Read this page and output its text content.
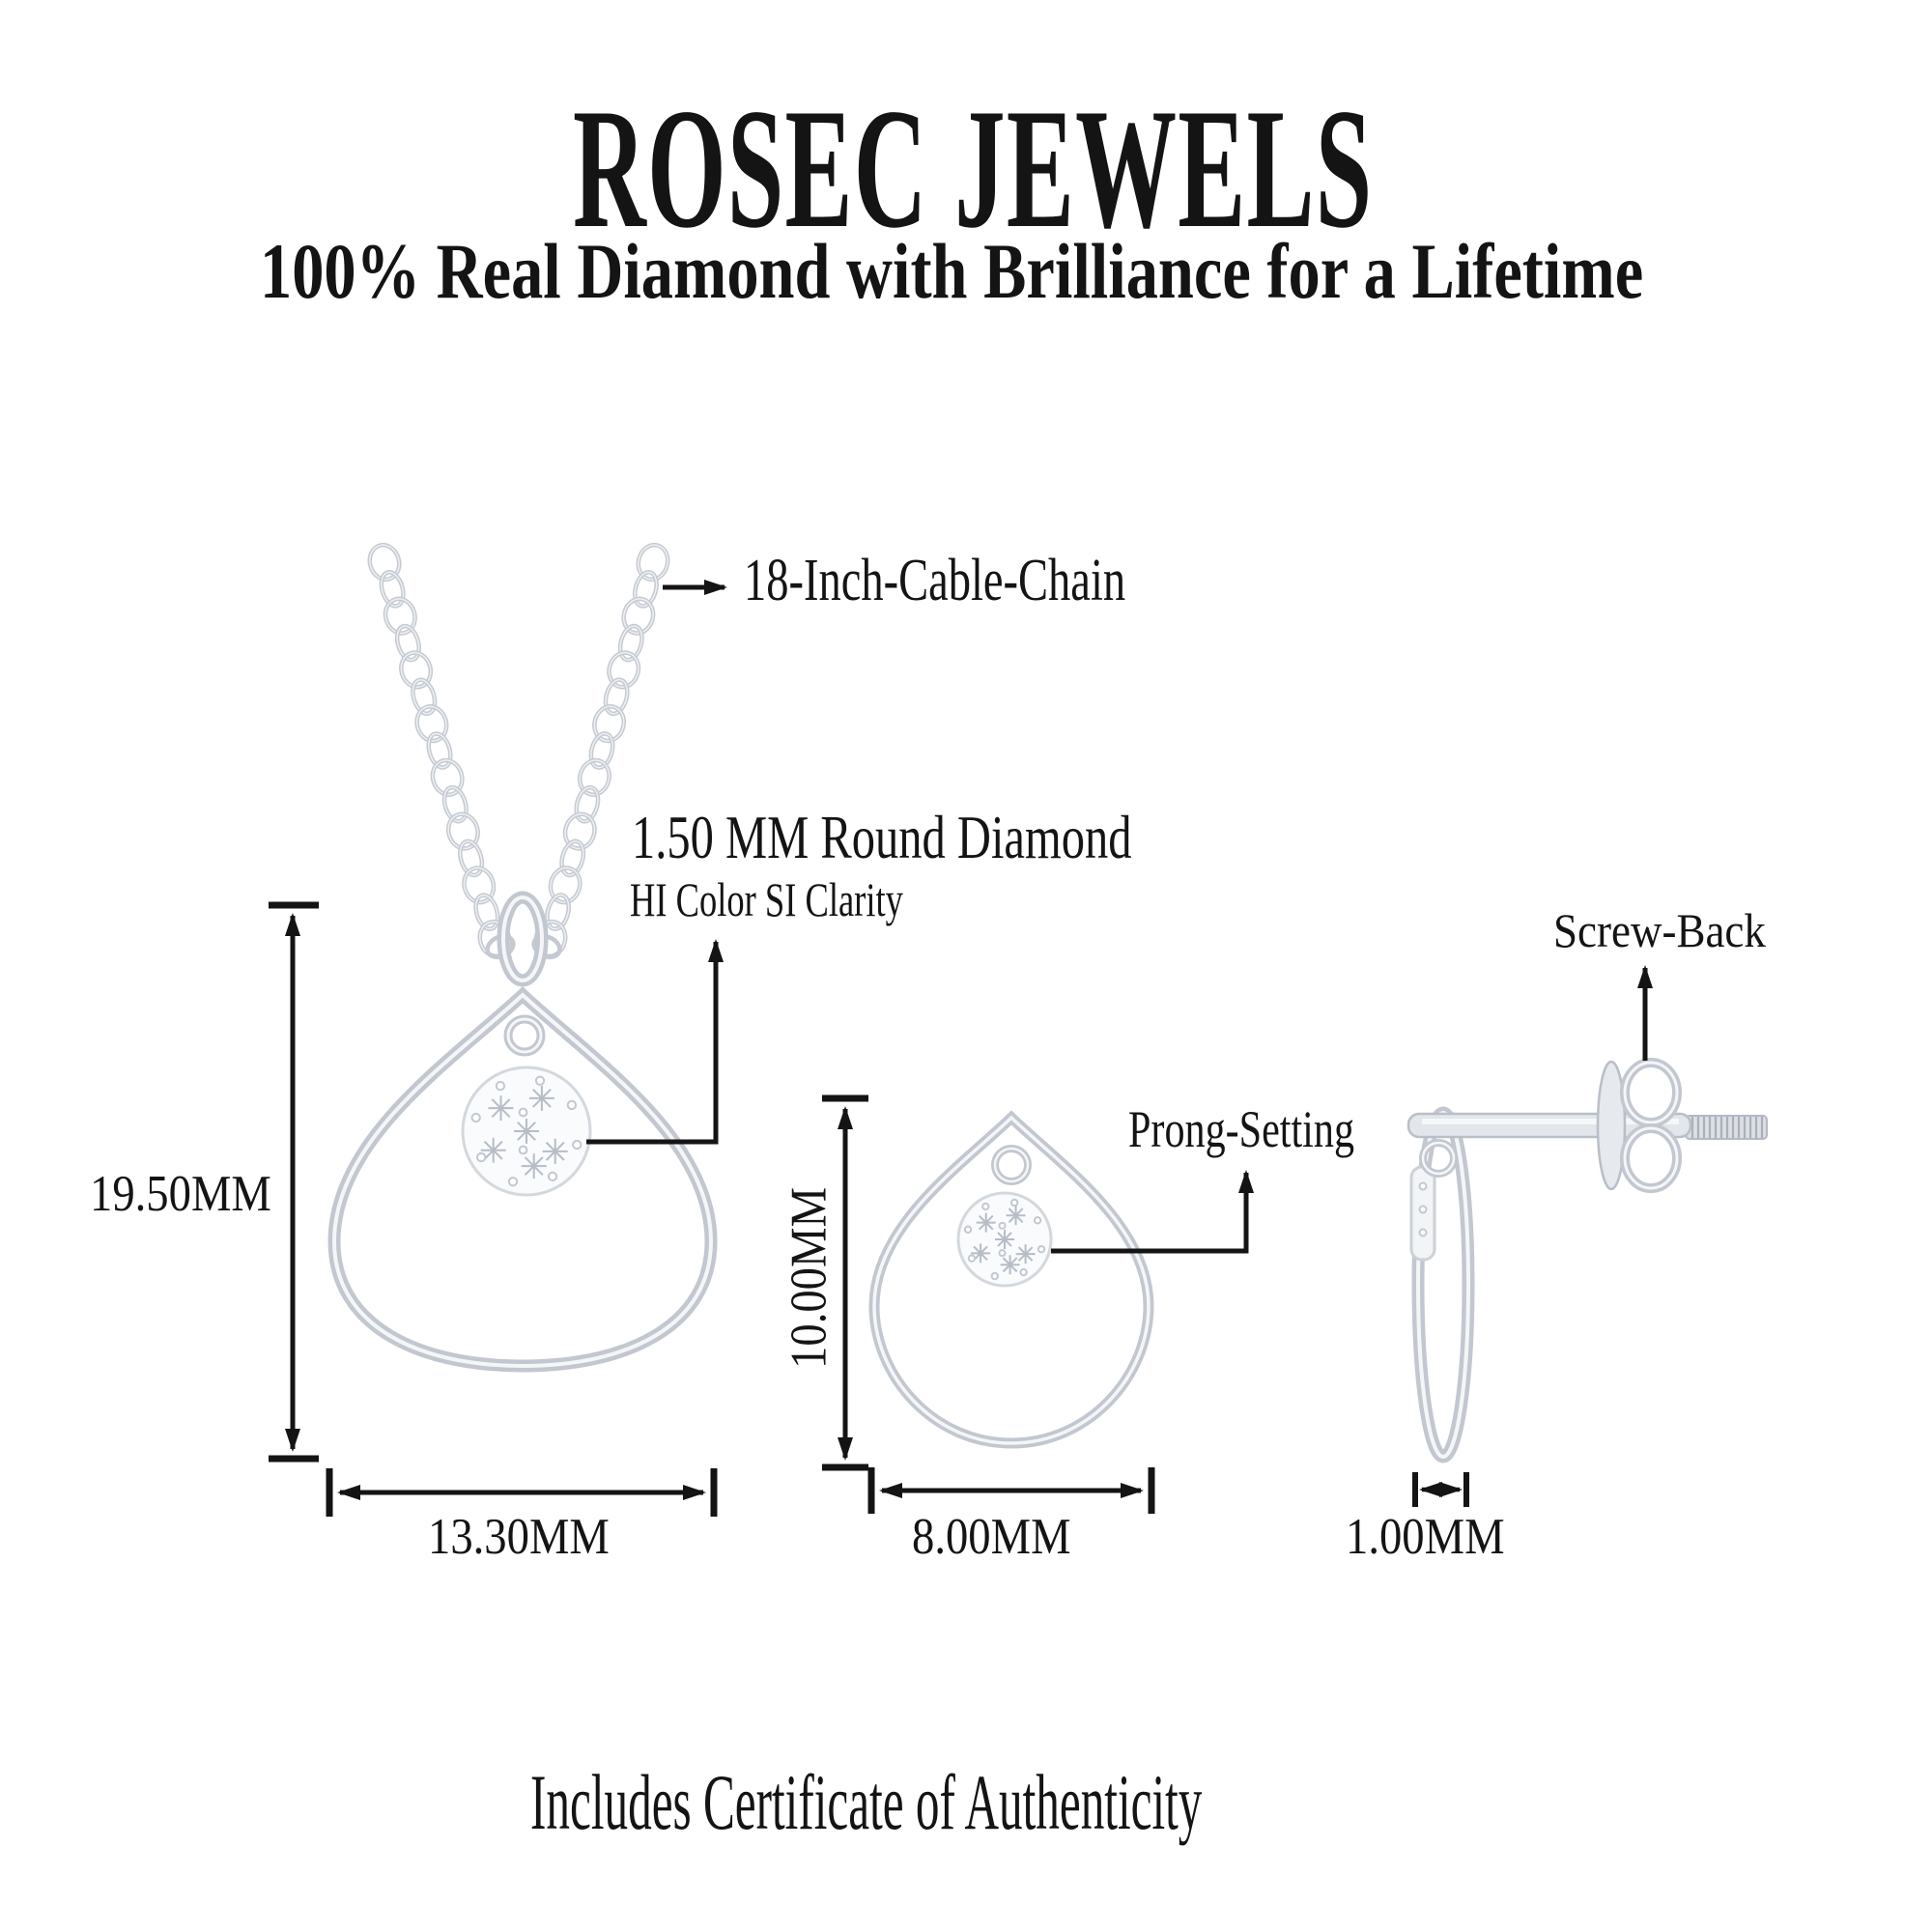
ROSEC JEWELS
100% Real Diamond with Brilliance for a Lifetime
18-Inch-Cable-Chain
1.50 MM Round Diamond
HI Color SI Clarity
Screw-Back
Prong-Setting
19.50MM	10.00MM
13.30MM	8.00MM	1.00MM
Includes Certificate of Authenticity
